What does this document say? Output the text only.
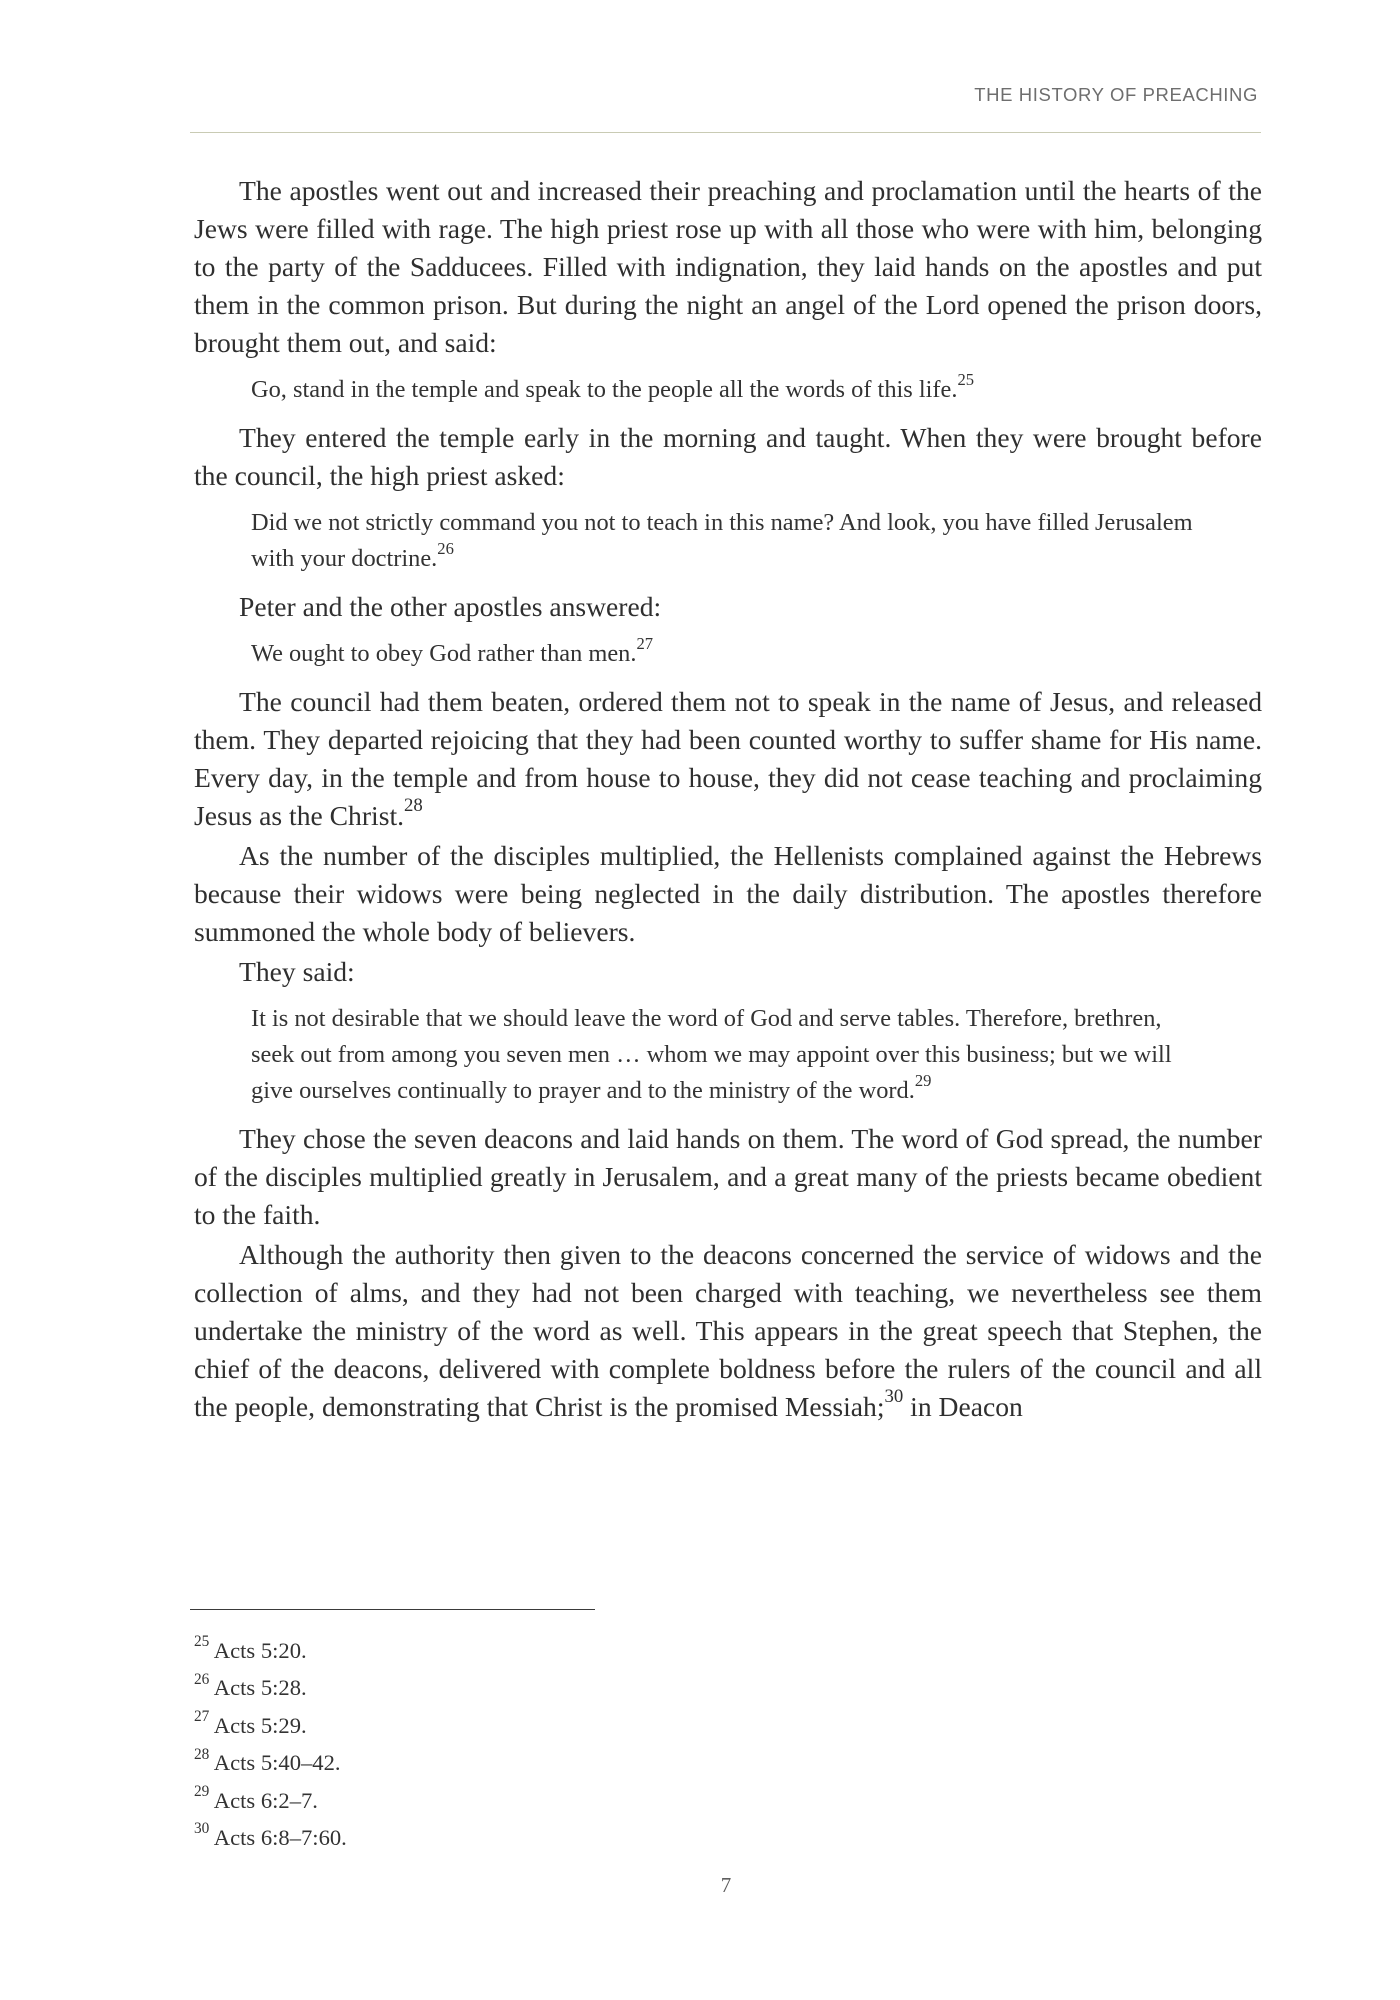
THE HISTORY OF PREACHING

The apostles went out and increased their preaching and proclamation until the hearts of the Jews were filled with rage. The high priest rose up with all those who were with him, belonging to the party of the Sadducees. Filled with indignation, they laid hands on the apostles and put them in the common prison. But during the night an angel of the Lord opened the prison doors, brought them out, and said:

Go, stand in the temple and speak to the people all the words of this life.$^{25}$

They entered the temple early in the morning and taught. When they were brought before the council, the high priest asked:

Did we not strictly command you not to teach in this name? And look, you have filled Jerusalem with your doctrine.$^{26}$

Peter and the other apostles answered:

We ought to obey God rather than men.$^{27}$

The council had them beaten, ordered them not to speak in the name of Jesus, and released them. They departed rejoicing that they had been counted worthy to suffer shame for His name. Every day, in the temple and from house to house, they did not cease teaching and proclaiming Jesus as the Christ.$^{28}$

As the number of the disciples multiplied, the Hellenists complained against the Hebrews because their widows were being neglected in the daily distribution. The apostles therefore summoned the whole body of believers.

They said:

It is not desirable that we should leave the word of God and serve tables. Therefore, brethren, seek out from among you seven men … whom we may appoint over this business; but we will give ourselves continually to prayer and to the ministry of the word.$^{29}$

They chose the seven deacons and laid hands on them. The word of God spread, the number of the disciples multiplied greatly in Jerusalem, and a great many of the priests became obedient to the faith.

Although the authority then given to the deacons concerned the service of widows and the collection of alms, and they had not been charged with teaching, we nevertheless see them undertake the ministry of the word as well. This appears in the great speech that Stephen, the chief of the deacons, delivered with complete boldness before the rulers of the council and all the people, demonstrating that Christ is the promised Messiah;$^{30}$ in Deacon

$^{25}$ Acts 5:20.
$^{26}$ Acts 5:28.
$^{27}$ Acts 5:29.
$^{28}$ Acts 5:40–42.
$^{29}$ Acts 6:2–7.
$^{30}$ Acts 6:8–7:60.
7
